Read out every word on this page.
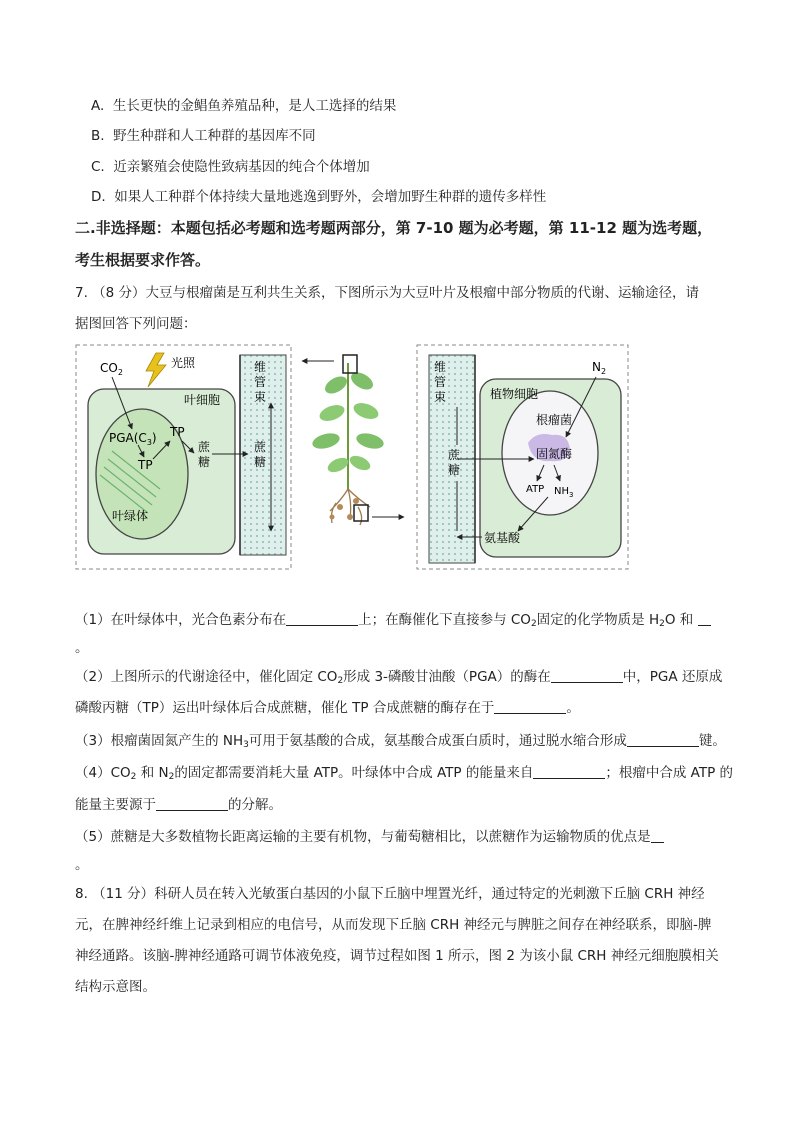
A. 生长更快的金鲳鱼养殖品种，是人工选择的结果
B. 野生种群和人工种群的基因库不同
C. 近亲繁殖会使隐性致病基因的纯合个体增加
D. 如果人工种群个体持续大量地逃逸到野外，会增加野生种群的遗传多样性
二.非选择题：本题包括必考题和选考题两部分，第 7-10 题为必考题，第 11-12 题为选考题，
考生根据要求作答。
7. （8 分）大豆与根瘤菌是互利共生关系，下图所示为大豆叶片及根瘤中部分物质的代谢、运输途径，请
据图回答下列问题：
$CO_2$
光照
叶细胞
$PGA(C_3)$ TP
TP
蔗
糖
蔗
糖
叶绿体
维
管
束
维
管
束
蔗
糖
植物细胞
$N_2$
根瘤菌
固氮酶
ATP $NH_3$
氨基酸
（1）在叶绿体中，光合色素分布在	上；在酶催化下直接参与 $CO_2$固定的化学物质是 $H_2O$ 和
。
（2）上图所示的代谢途径中，催化固定 $CO_2$形成 3-磷酸甘油酸（PGA）的酶在	中，PGA 还原成
磷酸丙糖（TP）运出叶绿体后合成蔗糖，催化 TP 合成蔗糖的酶存在于	。
（3）根瘤菌固氮产生的 $NH_3$可用于氨基酸的合成，氨基酸合成蛋白质时，通过脱水缩合形成	键。
$(4)CO_2$ 和 $N_2$的固定都需要消耗大量 ATP。叶绿体中合成 ATP 的能量来自	；根瘤中合成 ATP 的
能量主要源于	的分解。
（5）蔗糖是大多数植物长距离运输的主要有机物，与葡萄糖相比，以蔗糖作为运输物质的优点是
。
8. （11 分）科研人员在转入光敏蛋白基因的小鼠下丘脑中埋置光纤，通过特定的光刺激下丘脑 CRH 神经
元，在脾神经纤维上记录到相应的电信号，从而发现下丘脑 CRH 神经元与脾脏之间存在神经联系，即脑-脾
神经通路。该脑-脾神经通路可调节体液免疫，调节过程如图 1 所示，图 2 为该小鼠 CRH 神经元细胞膜相关
结构示意图。
